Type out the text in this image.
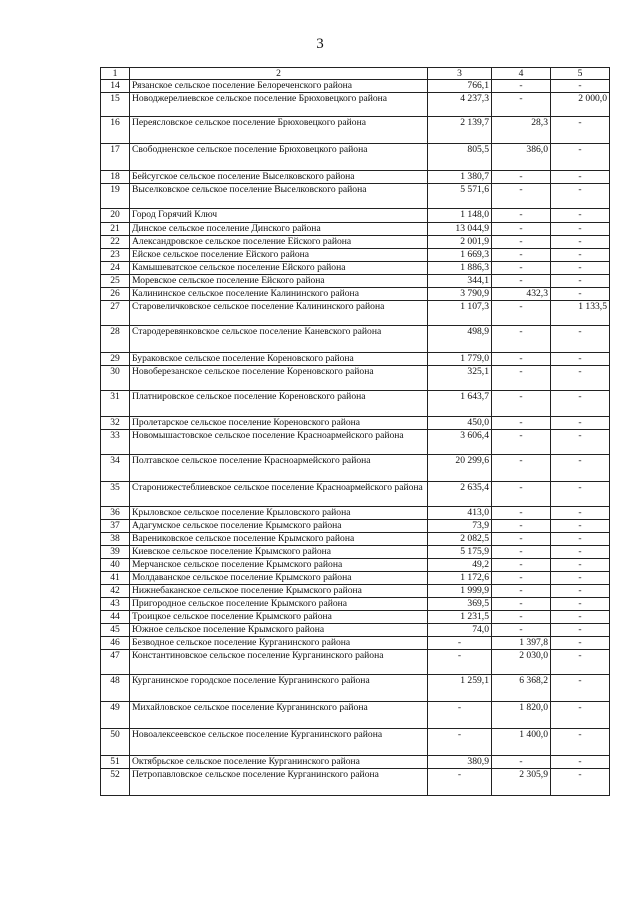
3
1	2	3	4	5
14	Рязанское сельское поселение Белореченского района	766,1	-	-
15	Новоджерелиевское сельское поселение Брюховецкого района	4 237,3	-	2 000,0
16	Переясловское сельское поселение Брюховецкого района	2 139,7	28,3	-
17	Свободненское сельское поселение Брюховецкого района	805,5	386,0	-
18	Бейсугское сельское поселение Выселковского района	1 380,7	-	-
19	Выселковское сельское поселение Выселковского района	5 571,6	-	-
20	Город Горячий Ключ	1 148,0	-	-
21	Динское сельское поселение Динского района	13 044,9	-	-
22	Александровское сельское поселение Ейского района	2 001,9	-	-
23	Ейское сельское поселение Ейского района	1 669,3	-	-
24	Камышеватское сельское поселение Ейского района	1 886,3	-	-
25	Моревское сельское поселение Ейского района	344,1	-	-
26	Калининское сельское поселение Калининского района	3 790,9	432,3	-
27	Старовеличковское сельское поселение Калининского района	1 107,3	-	1 133,5
28	Стародеревянковское сельское поселение Каневского района	498,9	-	-
29	Бураковское сельское поселение Кореновского района	1 779,0	-	-
30	Новоберезанское сельское поселение Кореновского района	325,1	-	-
31	Платнировское сельское поселение Кореновского района	1 643,7	-	-
32	Пролетарское сельское поселение Кореновского района	450,0	-	-
33	Новомышастовское сельское поселение Красноармейского района	3 606,4	-	-
34	Полтавское сельское поселение Красноармейского района	20 299,6	-	-
35	Старонижестеблиевское сельское поселение Красноармейского района	2 635,4	-	-
36	Крыловское сельское поселение Крыловского района	413,0	-	-
37	Адагумское сельское поселение Крымского района	73,9	-	-
38	Варениковское сельское поселение Крымского района	2 082,5	-	-
39	Киевское сельское поселение Крымского района	5 175,9	-	-
40	Мерчанское сельское поселение Крымского района	49,2	-	-
41	Молдаванское сельское поселение Крымского района	1 172,6	-	-
42	Нижнебаканское сельское поселение Крымского района	1 999,9	-	-
43	Пригородное сельское поселение Крымского района	369,5	-	-
44	Троицкое сельское поселение Крымского района	1 231,5	-	-
45	Южное сельское поселение Крымского района	74,0	-	-
46	Безводное сельское поселение Курганинского района	-	1 397,8	-
47	Константиновское сельское поселение Курганинского района	-	2 030,0	-
48	Курганинское городское поселение Курганинского района	1 259,1	6 368,2	-
49	Михайловское сельское поселение Курганинского района	-	1 820,0	-
50	Новоалексеевское сельское поселение Курганинского района	-	1 400,0	-
51	Октябрьское сельское поселение Курганинского района	380,9	-	-
52	Петропавловское сельское поселение Курганинского района	-	2 305,9	-
